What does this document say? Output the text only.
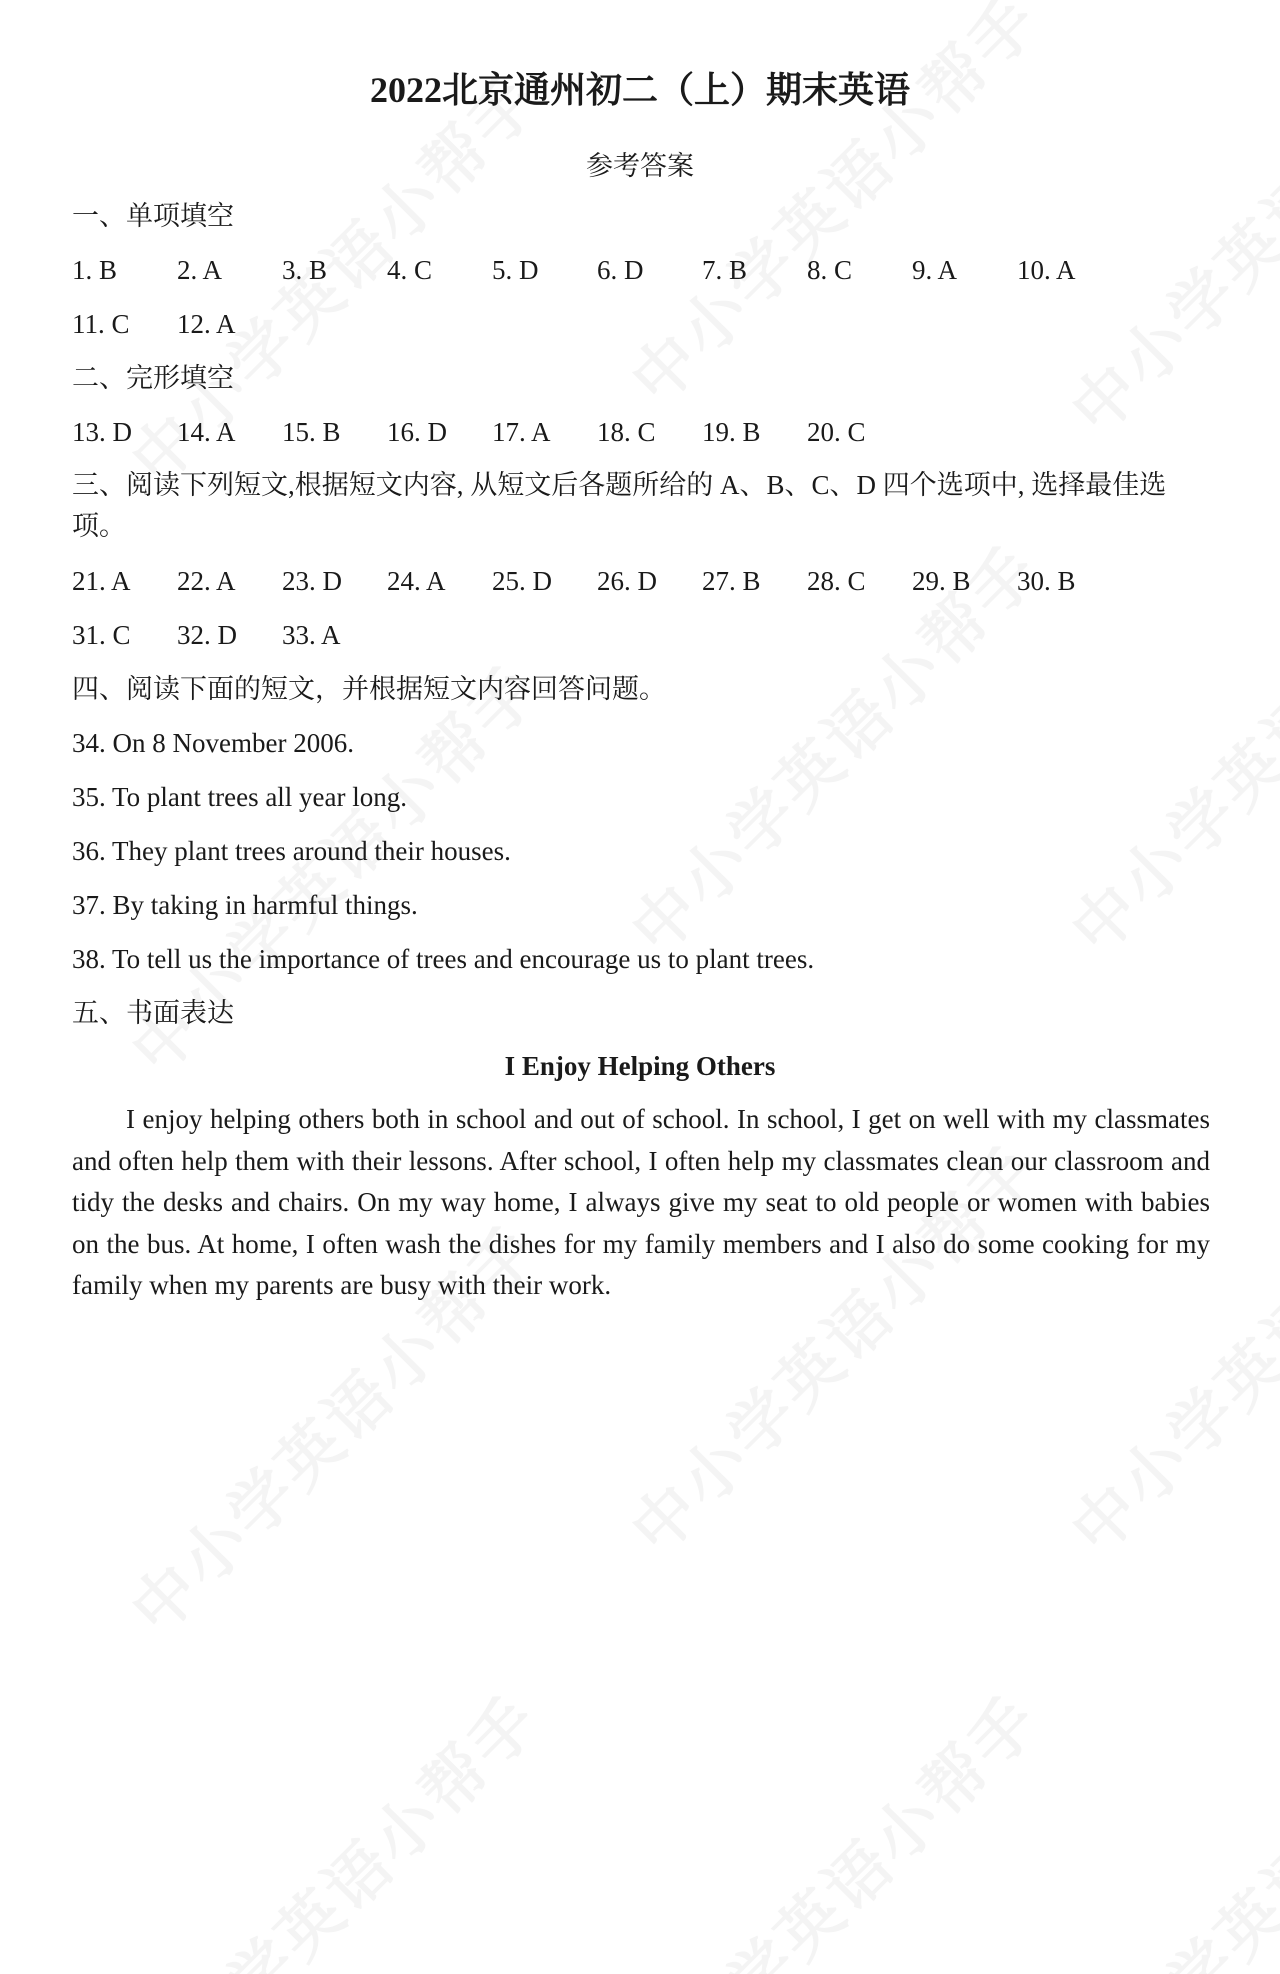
2022北京通州初二（上）期末英语
参考答案
一、单项填空
1. B 2. A 3. B 4. C 5. D 6. D 7. B 8. C 9. A 10. A
11. C 12. A
二、完形填空
13. D 14. A 15. B 16. D 17. A 18. C 19. B 20. C
三、阅读下列短文,根据短文内容, 从短文后各题所给的 A、B、C、D 四个选项中, 选择最佳选项。
21. A 22. A 23. D 24. A 25. D 26. D 27. B 28. C 29. B 30. B
31. C 32. D 33. A
四、阅读下面的短文，并根据短文内容回答问题。
34. On 8 November 2006.
35. To plant trees all year long.
36. They plant trees around their houses.
37. By taking in harmful things.
38. To tell us the importance of trees and encourage us to plant trees.
五、书面表达
I Enjoy Helping Others

I enjoy helping others both in school and out of school. In school, I get on well with my classmates and often help them with their lessons. After school, I often help my classmates clean our classroom and tidy the desks and chairs. On my way home, I always give my seat to old people or women with babies on the bus. At home, I often wash the dishes for my family members and I also do some cooking for my family when my parents are busy with their work.
